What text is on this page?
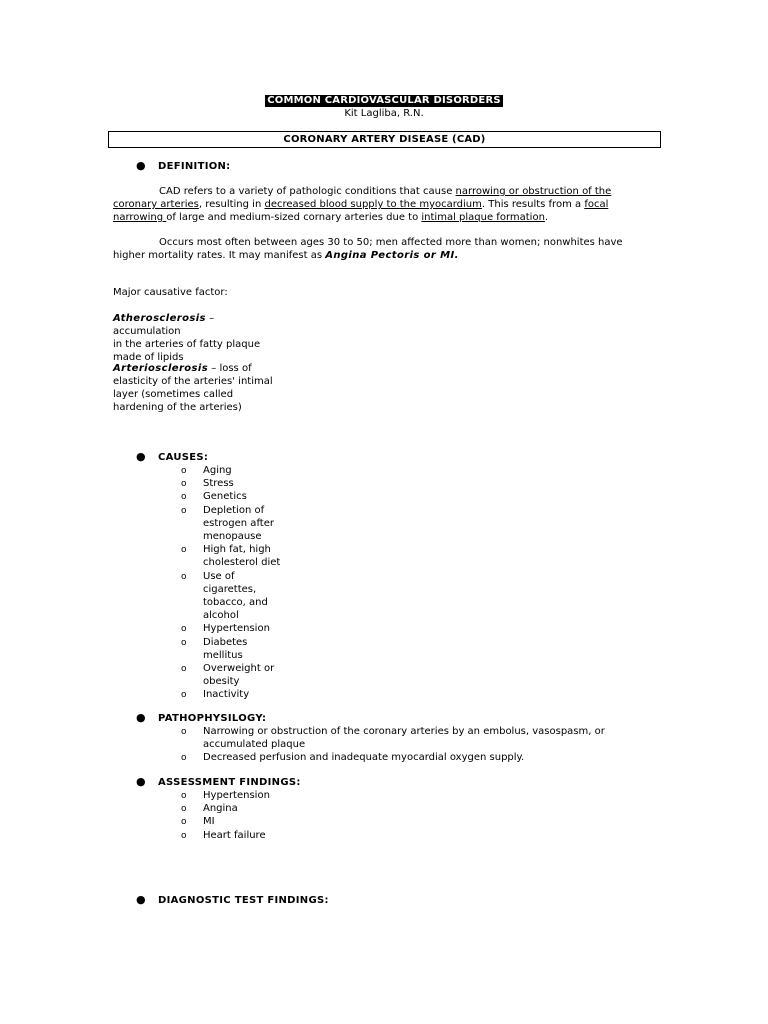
COMMON CARDIOVASCULAR DISORDERS
Kit Lagliba, R.N.
CORONARY ARTERY DISEASE (CAD)
● DEFINITION:
CAD refers to a variety of pathologic conditions that cause narrowing or obstruction of the
coronary arteries, resulting in decreased blood supply to the myocardium. This results from a focal
narrowing of large and medium-sized cornary arteries due to intimal plaque formation.
Occurs most often between ages 30 to 50; men affected more than women; nonwhites have
higher mortality rates. It may manifest as Angina Pectoris or MI.
Major causative factor:
Atherosclerosis – accumulation
in the arteries of fatty plaque
made of lipids
Arteriosclerosis – loss of
elasticity of the arteries' intimal
layer (sometimes called
hardening of the arteries)
● CAUSES:
o Aging
o Stress
o Genetics
o Depletion of
estrogen after
menopause
o High fat, high
cholesterol diet
o Use of
cigarettes,
tobacco, and
alcohol
o Hypertension
o Diabetes
mellitus
o Overweight or
obesity
o Inactivity
● PATHOPHYSILOGY:
o Narrowing or obstruction of the coronary arteries by an embolus, vasospasm, or
accumulated plaque
o Decreased perfusion and inadequate myocardial oxygen supply.
● ASSESSMENT FINDINGS:
o Hypertension
o Angina
o MI
o Heart failure
● DIAGNOSTIC TEST FINDINGS:
